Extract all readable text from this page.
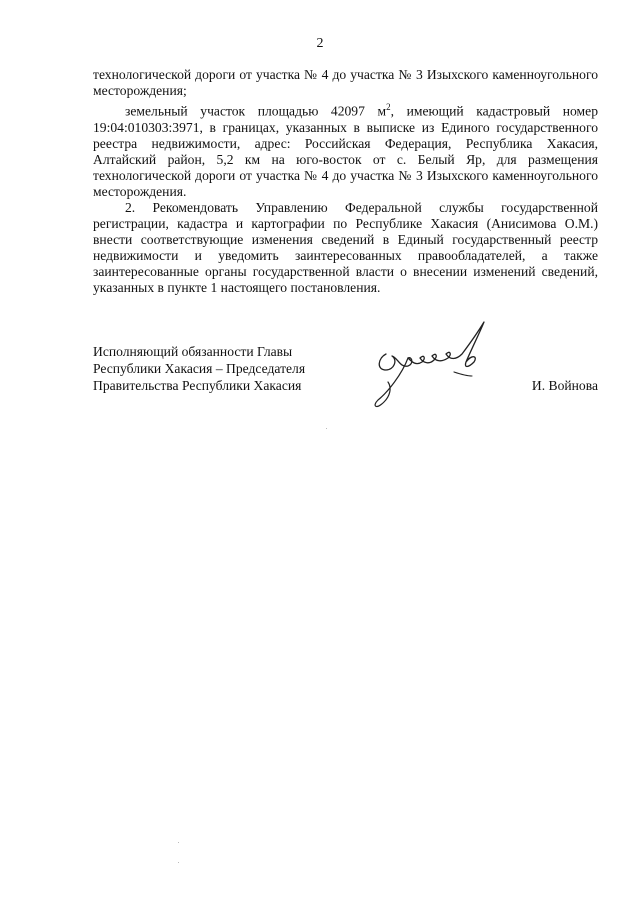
2

технологической дороги от участка № 4 до участка № 3 Изыхского каменноугольного месторождения;

земельный участок площадью 42097 $м^2$, имеющий кадастровый номер 19:04:010303:3971, в границах, указанных в выписке из Единого государственного реестра недвижимости, адрес: Российская Федерация, Республика Хакасия, Алтайский район, 5,2 км на юго-восток от с. Белый Яр, для размещения технологической дороги от участка № 4 до участка № 3 Изыхского каменноугольного месторождения.

2. Рекомендовать Управлению Федеральной службы государственной регистрации, кадастра и картографии по Республике Хакасия (Анисимова О.М.) внести соответствующие изменения сведений в Единый государственный реестр недвижимости и уведомить заинтересованных правообладателей, а также заинтересованные органы государственной власти о внесении изменений сведений, указанных в пункте 1 настоящего постановления.

Исполняющий обязанности Главы
Республики Хакасия – Председателя
Правительства Республики Хакасия	И. Войнова
